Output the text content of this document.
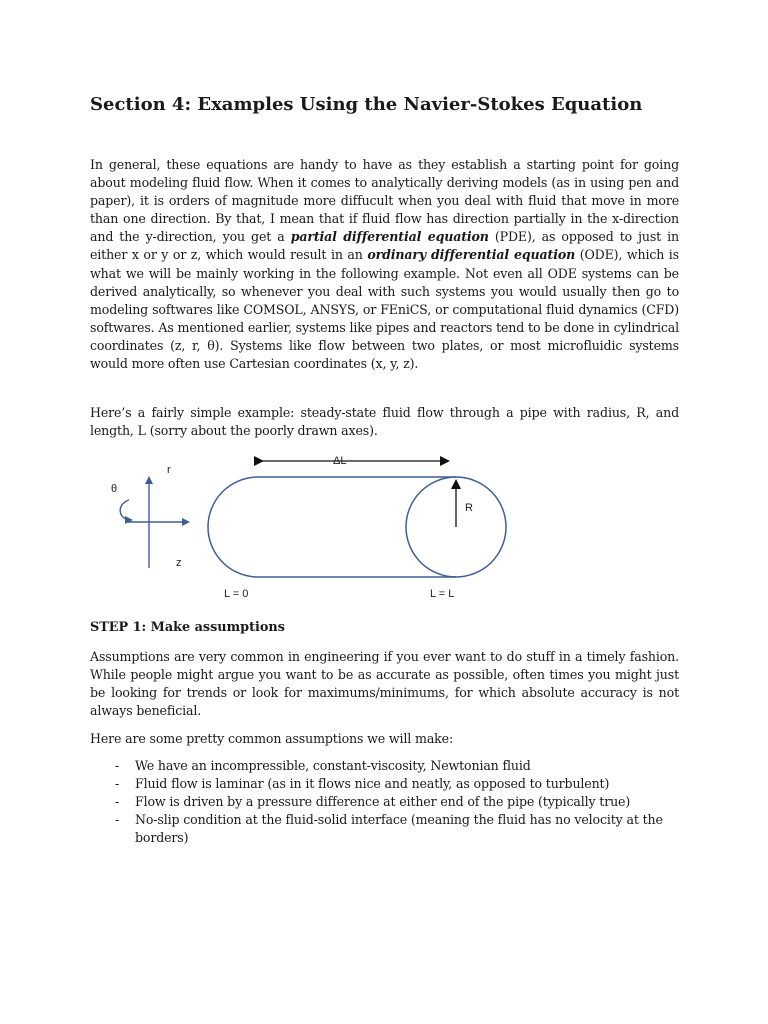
Section 4: Examples Using the Navier-Stokes Equation

In general, these equations are handy to have as they establish a starting point for going about modeling fluid flow. When it comes to analytically deriving models (as in using pen and paper), it is orders of magnitude more diffucult when you deal with fluid that move in more than one direction. By that, I mean that if fluid flow has direction partially in the x-direction and the y-direction, you get a partial differential equation (PDE), as opposed to just in either x or y or z, which would result in an ordinary differential equation (ODE), which is what we will be mainly working in the following example. Not even all ODE systems can be derived analytically, so whenever you deal with such systems you would usually then go to modeling softwares like COMSOL, ANSYS, or FEniCS, or computational fluid dynamics (CFD) softwares. As mentioned earlier, systems like pipes and reactors tend to be done in cylindrical coordinates (z, r, θ). Systems like flow between two plates, or most microfluidic systems would more often use Cartesian coordinates (x, y, z).

Here’s a fairly simple example: steady-state fluid flow through a pipe with radius, R, and length, L (sorry about the poorly drawn axes).

θ
r
z
R
ΔL
L = 0	L = L

STEP 1: Make assumptions

Assumptions are very common in engineering if you ever want to do stuff in a timely fashion. While people might argue you want to be as accurate as possible, often times you might just be looking for trends or look for maximums/minimums, for which absolute accuracy is not always beneficial.

Here are some pretty common assumptions we will make:

- We have an incompressible, constant-viscosity, Newtonian fluid
- Fluid flow is laminar (as in it flows nice and neatly, as opposed to turbulent)
- Flow is driven by a pressure difference at either end of the pipe (typically true)
- No-slip condition at the fluid-solid interface (meaning the fluid has no velocity at the borders)
